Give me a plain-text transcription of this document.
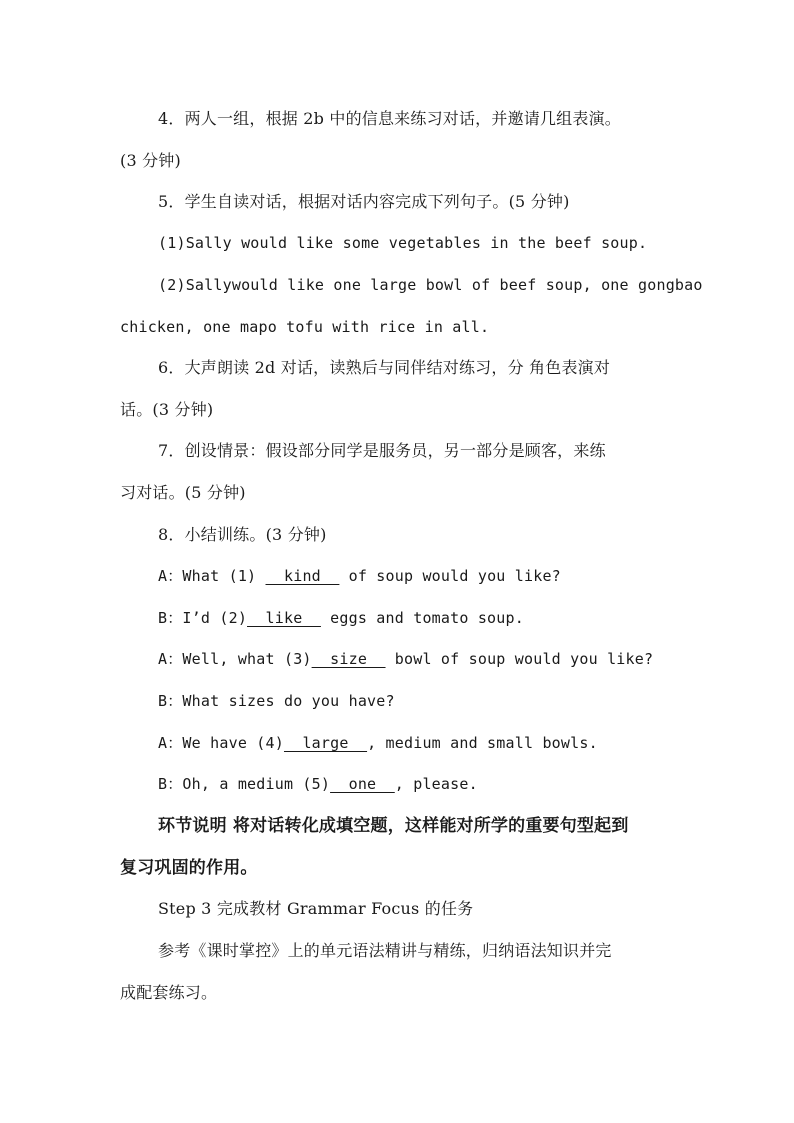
4．两人一组，根据 2b 中的信息来练习对话，并邀请几组表演。
(3 分钟)
5．学生自读对话，根据对话内容完成下列句子。(5 分钟)
(1)Sally would like some vegetables in the beef soup.
(2)Sallywould like one large bowl of beef soup, one gongbao
chicken, one mapo tofu with rice in all.
6．大声朗读 2d 对话，读熟后与同伴结对练习，分 角色表演对
话。(3 分钟)
7．创设情景：假设部分同学是服务员，另一部分是顾客，来练
习对话。(5 分钟)
8．小结训练。(3 分钟)
A：What (1) __kind__ of soup would you like?
B：I’d (2)__like__ eggs and tomato soup.
A：Well, what (3)__size__ bowl of soup would you like?
B：What sizes do you have?
A：We have (4)__large__, medium and small bowls.
B：Oh, a medium (5)__one__, please.
环节说明 将对话转化成填空题，这样能对所学的重要句型起到
复习巩固的作用。
Step 3 完成教材 Grammar Focus 的任务
参考《课时掌控》上的单元语法精讲与精练，归纳语法知识并完
成配套练习。
